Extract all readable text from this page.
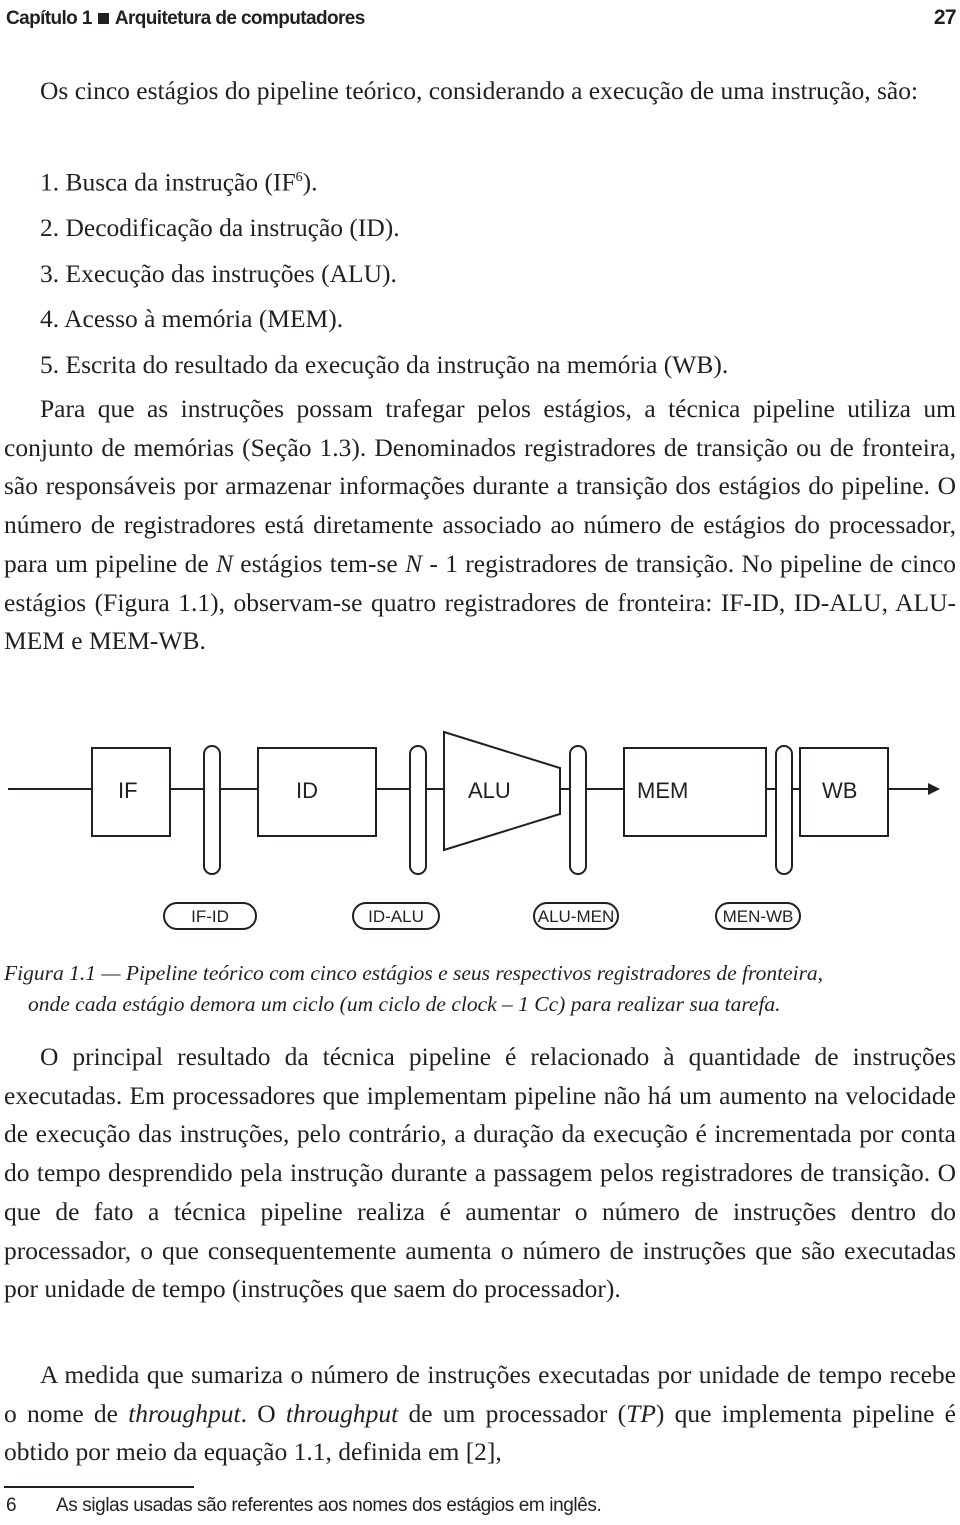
Capítulo 1 Arquitetura de computadores	27

Os cinco estágios do pipeline teórico, considerando a execução de uma instrução, são:

1. Busca da instrução $(IF^6)$.
2. Decodificação da instrução (ID).
3. Execução das instruções (ALU).
4. Acesso à memória (MEM).
5. Escrita do resultado da execução da instrução na memória (WB).

Para que as instruções possam trafegar pelos estágios, a técnica pipeline utiliza um conjunto de memórias (Seção 1.3). Denominados registradores de transição ou de fronteira, são responsáveis por armazenar informações durante a transição dos estágios do pipeline. O número de registradores está diretamente associado ao número de estágios do processador, para um pipeline de N estágios tem-se N - 1 registradores de transição. No pipeline de cinco estágios (Figura 1.1), observam-se quatro registradores de fronteira: IF-ID, ID-ALU, ALU-MEM e MEM-WB.

IF	ID	ALU	MEM	WB
IF-ID	ID-ALU	ALU-MEN	MEN-WB
Figura 1.1 — Pipeline teórico com cinco estágios e seus respectivos registradores de fronteira,
onde cada estágio demora um ciclo (um ciclo de clock – 1 Cc) para realizar sua tarefa.

O principal resultado da técnica pipeline é relacionado à quantidade de instruções executadas. Em processadores que implementam pipeline não há um aumento na velocidade de execução das instruções, pelo contrário, a duração da execução é incrementada por conta do tempo desprendido pela instrução durante a passagem pelos registradores de transição. O que de fato a técnica pipeline realiza é aumentar o número de instruções dentro do processador, o que consequentemente aumenta o número de instruções que são executadas por unidade de tempo (instruções que saem do processador).

A medida que sumariza o número de instruções executadas por unidade de tempo recebe o nome de throughput. O throughput de um processador (TP) que implementa pipeline é obtido por meio da equação 1.1, definida em [2],

6 As siglas usadas são referentes aos nomes dos estágios em inglês.
